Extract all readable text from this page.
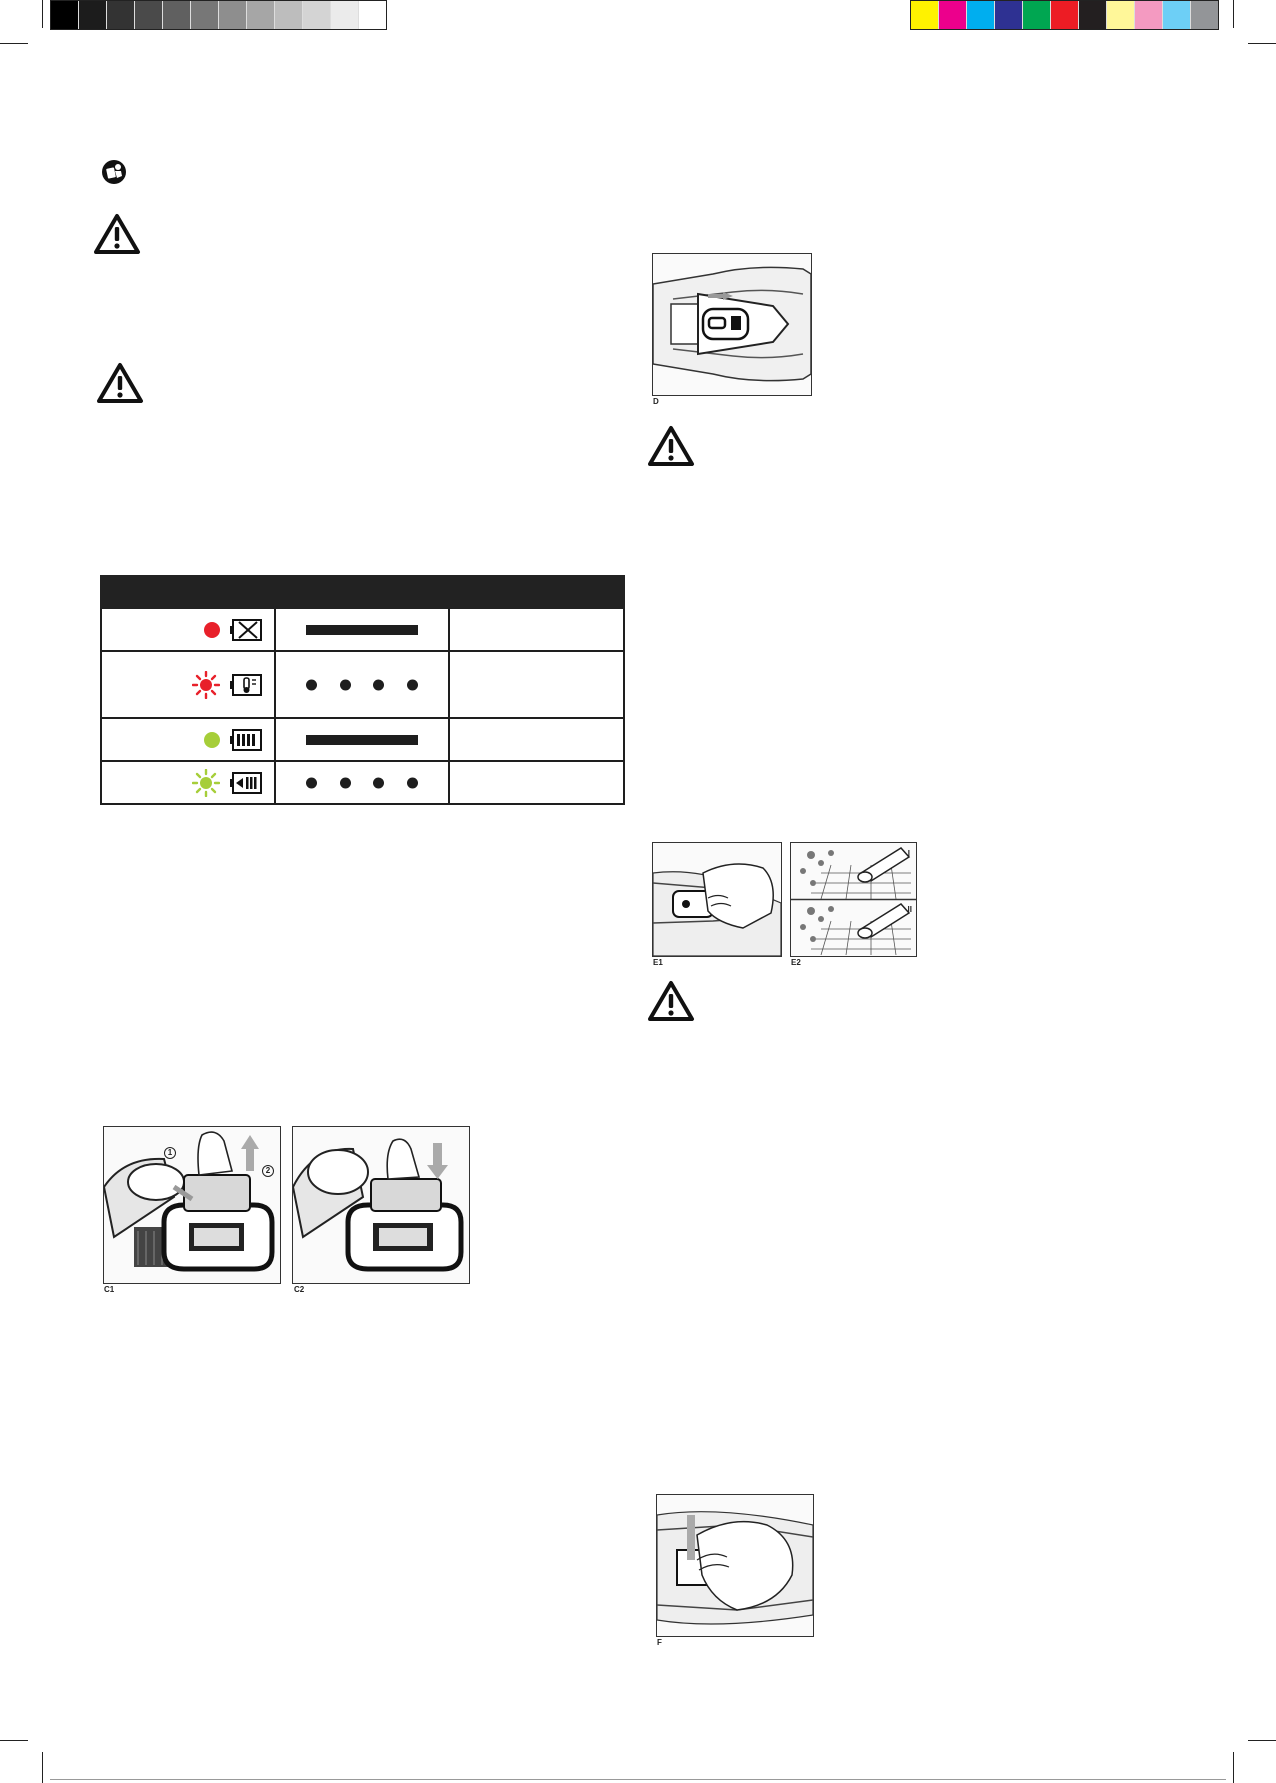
1
2
C1	C2
D
E1
I
II
E2
F
